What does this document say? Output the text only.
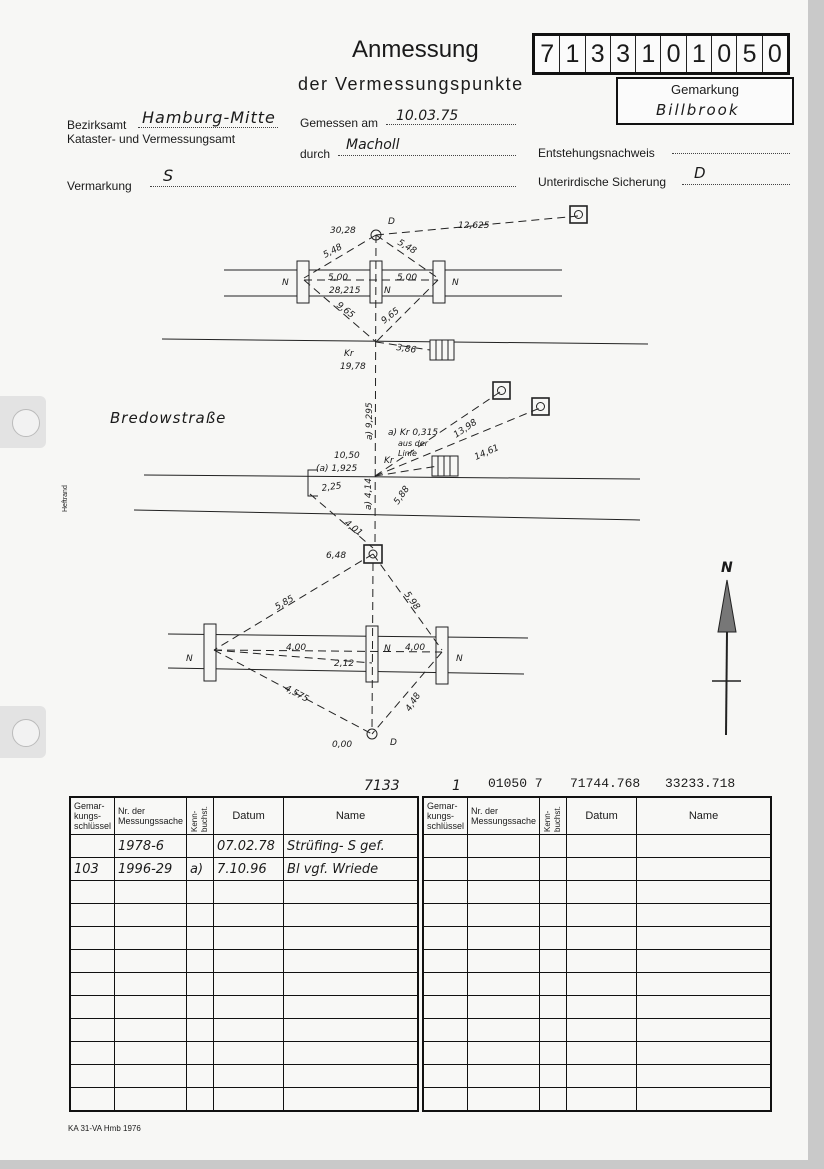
Anmessung
der Vermessungspunkte
7 1 3 3 1 0 1 0 5 0
Gemarkung
Billbrook
Bezirksamt Hamburg-Mitte
Kataster- und Vermessungsamt
Gemessen am 10.03.75
durch
Macholl	Entstehungsnachweis
Vermarkung
S	Unterirdische Sicherung D
Heftrand
D
30,28	12,625
5,48	5,48
5,00	5,00
28,215
9,65	9,65
N
N
N
Kr
19,78
3,86
a) 9,295 a) Kr 0,315
aus der
Linie
13,98
14,61
10,50
(a) 1,925
Kr
2,25 a) 4,14 5,88
4,01
6,48
5,85	5,98
N
4,00	N 4,00
N
2,12
4,575	4,48
0,00	D
Bredowstraße
N
7133	1 01050 7 71744.768 33233.718
Gemar-kungs-schlüssel	Nr. der Messungssache	Kenn-buchst.	Datum	Name
	1978-6		07.02.78	Strüfing- S gef.
103	1996-29	a)	7.10.96	Bl vgf. Wriede

Gemar-kungs-schlüssel	Nr. der Messungssache	Kenn-buchst.	Datum	Name

KA 31-VA Hmb 1976
